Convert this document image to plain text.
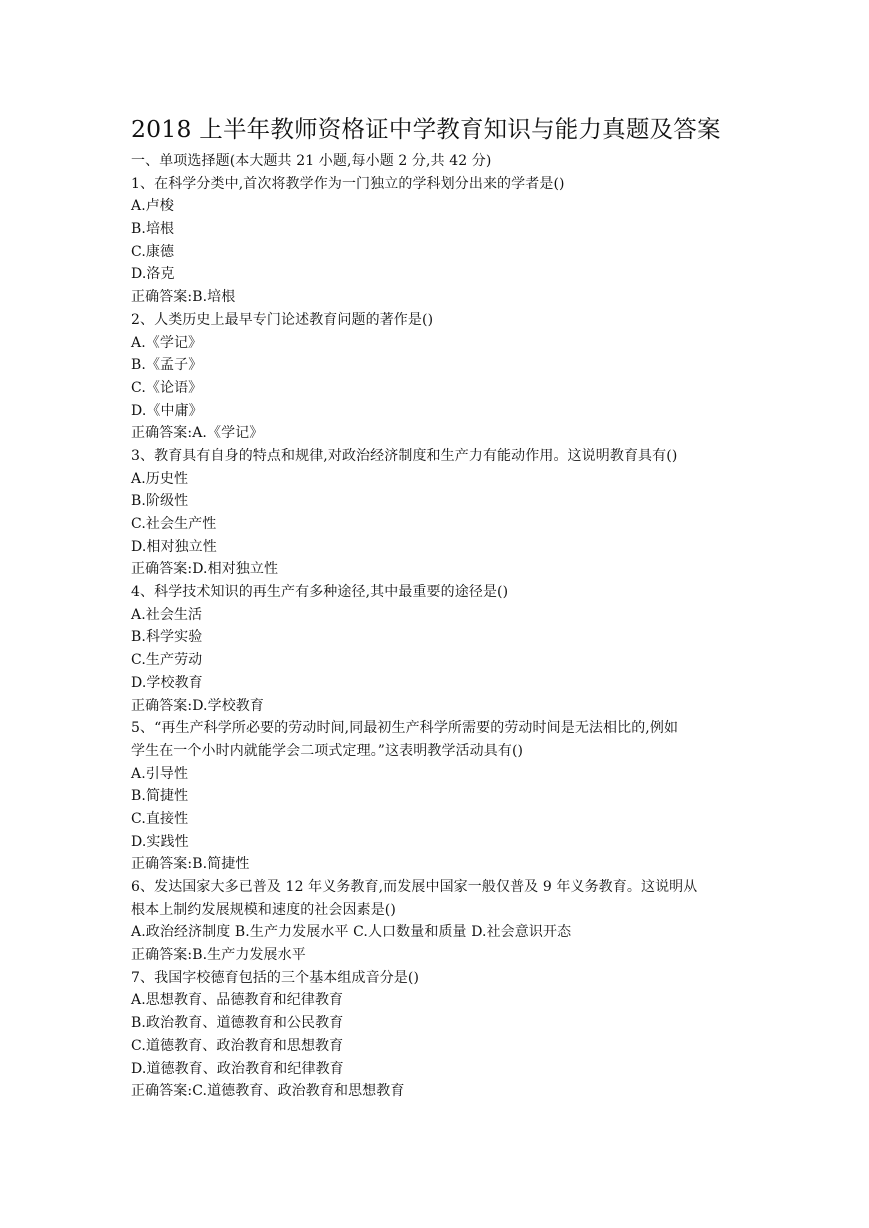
2018 上半年教师资格证中学教育知识与能力真题及答案
一、单项选择题(本大题共 21 小题,每小题 2 分,共 42 分)
1、在科学分类中,首次将教学作为一门独立的学科划分出来的学者是()
A.卢梭
B.培根
C.康德
D.洛克
正确答案:B.培根
2、人类历史上最早专门论述教育问题的著作是()
A.《学记》
B.《孟子》
C.《论语》
D.《中庸》
正确答案:A.《学记》
3、教育具有自身的特点和规律,对政治经济制度和生产力有能动作用。这说明教育具有()
A.历史性
B.阶级性
C.社会生产性
D.相对独立性
正确答案:D.相对独立性
4、科学技术知识的再生产有多种途径,其中最重要的途径是()
A.社会生活
B.科学实验
C.生产劳动
D.学校教育
正确答案:D.学校教育
5、“再生产科学所必要的劳动时间,同最初生产科学所需要的劳动时间是无法相比的,例如
学生在一个小时内就能学会二项式定理。”这表明教学活动具有()
A.引导性
B.简捷性
C.直接性
D.实践性
正确答案:B.简捷性
6、发达国家大多已普及 12 年义务教育,而发展中国家一般仅普及 9 年义务教育。这说明从
根本上制约发展规模和速度的社会因素是()
A.政治经济制度 B.生产力发展水平 C.人口数量和质量 D.社会意识开态
正确答案:B.生产力发展水平
7、我国字校德育包括的三个基本组成音分是()
A.思想教育、品德教育和纪律教育
B.政治教育、道德教育和公民教育
C.道德教育、政治教育和思想教育
D.道德教育、政治教育和纪律教育
正确答案:C.道德教育、政治教育和思想教育
